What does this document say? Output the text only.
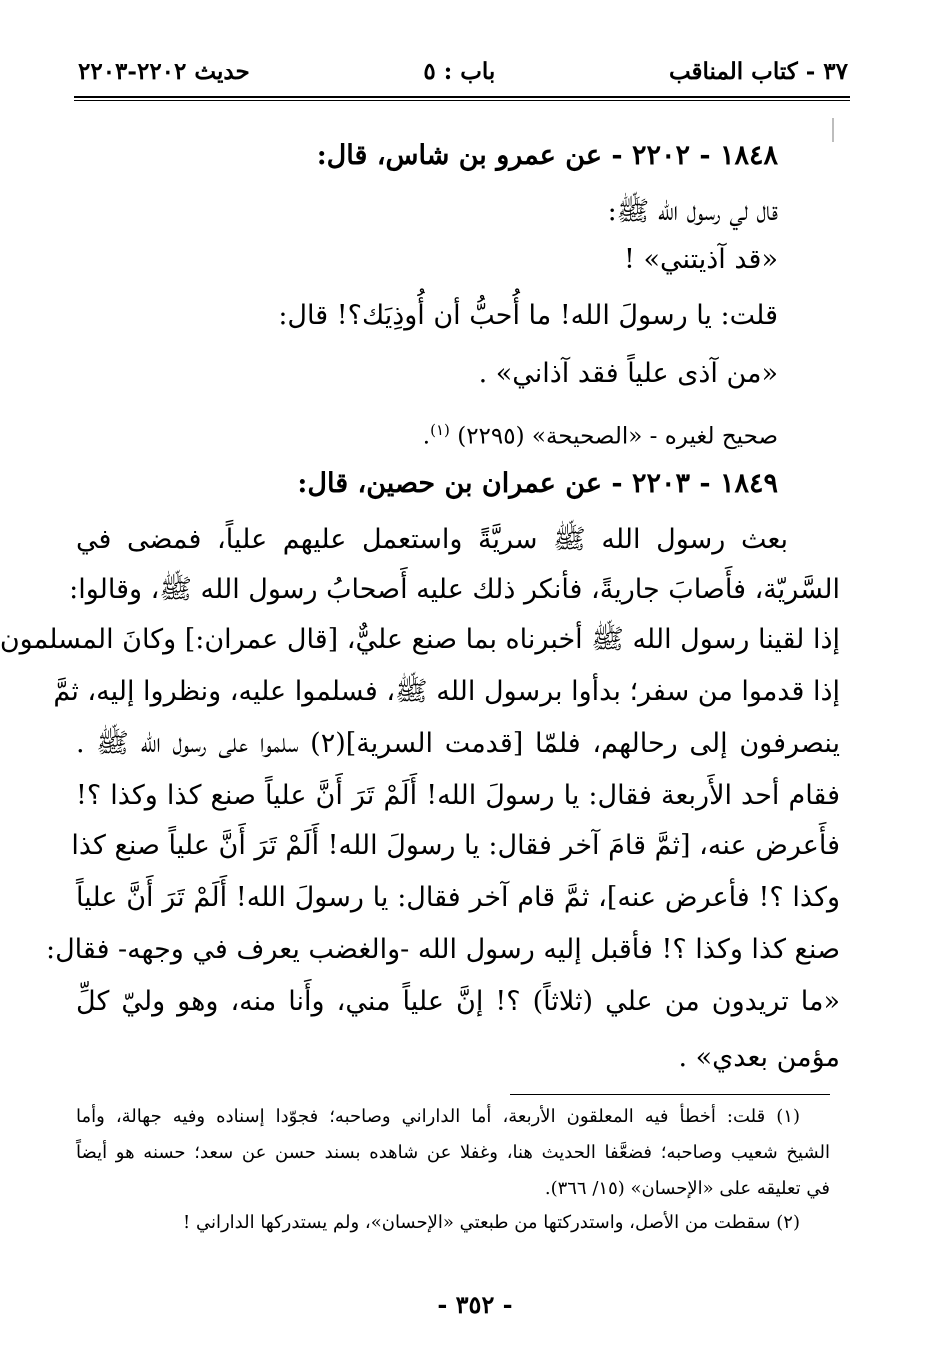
٣٧ - كتاب المناقب
باب : ٥
حديث ٢٢٠٢-٢٢٠٣
١٨٤٨ - ٢٢٠٢ - عن عمرو بن شاس، قال:
قال لي رسول الله ﷺ:
«قد آذيتني» !
قلت: يا رسولَ الله! ما أُحبُّ أن أُوذِيَك؟! قال:
«من آذى علياً فقد آذاني» .
صحيح لغيره - «الصحيحة» (٢٢٩٥) $^{(١)}$.
١٨٤٩ - ٢٢٠٣ - عن عمران بن حصين، قال:
بعث رسول الله ﷺ سريَّةً واستعمل عليهم علياً، فمضى في
السَّريّة، فأَصابَ جاريةً، فأنكر ذلك عليه أَصحابُ رسول الله ﷺ، وقالوا:
إذا لقينا رسول الله ﷺ أخبرناه بما صنع عليٌّ، [قال عمران:] وكانَ المسلمون
إذا قدموا من سفر؛ بدأوا برسول الله ﷺ، فسلموا عليه، ونظروا إليه، ثمَّ
ينصرفون إلى رحالهم، فلمّا [قدمت السرية](٢) سلموا على رسول الله ﷺ .
فقام أحد الأَربعة فقال: يا رسولَ الله! أَلَمْ تَرَ أَنَّ علياً صنع كذا وكذا ؟!
فأَعرض عنه، [ثمَّ قامَ آخر فقال: يا رسولَ الله! أَلَمْ تَرَ أَنَّ علياً صنع كذا
وكذا ؟! فأعرض عنه]، ثمَّ قام آخر فقال: يا رسولَ الله! أَلَمْ تَرَ أَنَّ علياً
صنع كذا وكذا ؟! فأقبل إليه رسول الله -والغضب يعرف في وجهه- فقال:
«ما تريدون من علي (ثلاثاً) ؟! إنَّ علياً مني، وأَنا منه، وهو وليّ كلِّ
مؤمن بعدي» .
(١) قلت: أخطأ فيه المعلقون الأربعة، أما الداراني وصاحبه؛ فجوّدا إسناده وفيه جهالة، وأما
الشيخ شعيب وصاحبه؛ فضعَّفا الحديث هنا، وغفلا عن شاهده بسند حسن عن سعد؛ حسنه هو أيضاً
في تعليقه على «الإحسان» (١٥/ ٣٦٦).
(٢) سقطت من الأصل، واستدركتها من طبعتي «الإحسان»، ولم يستدركها الداراني !
- ٣٥٢ -
